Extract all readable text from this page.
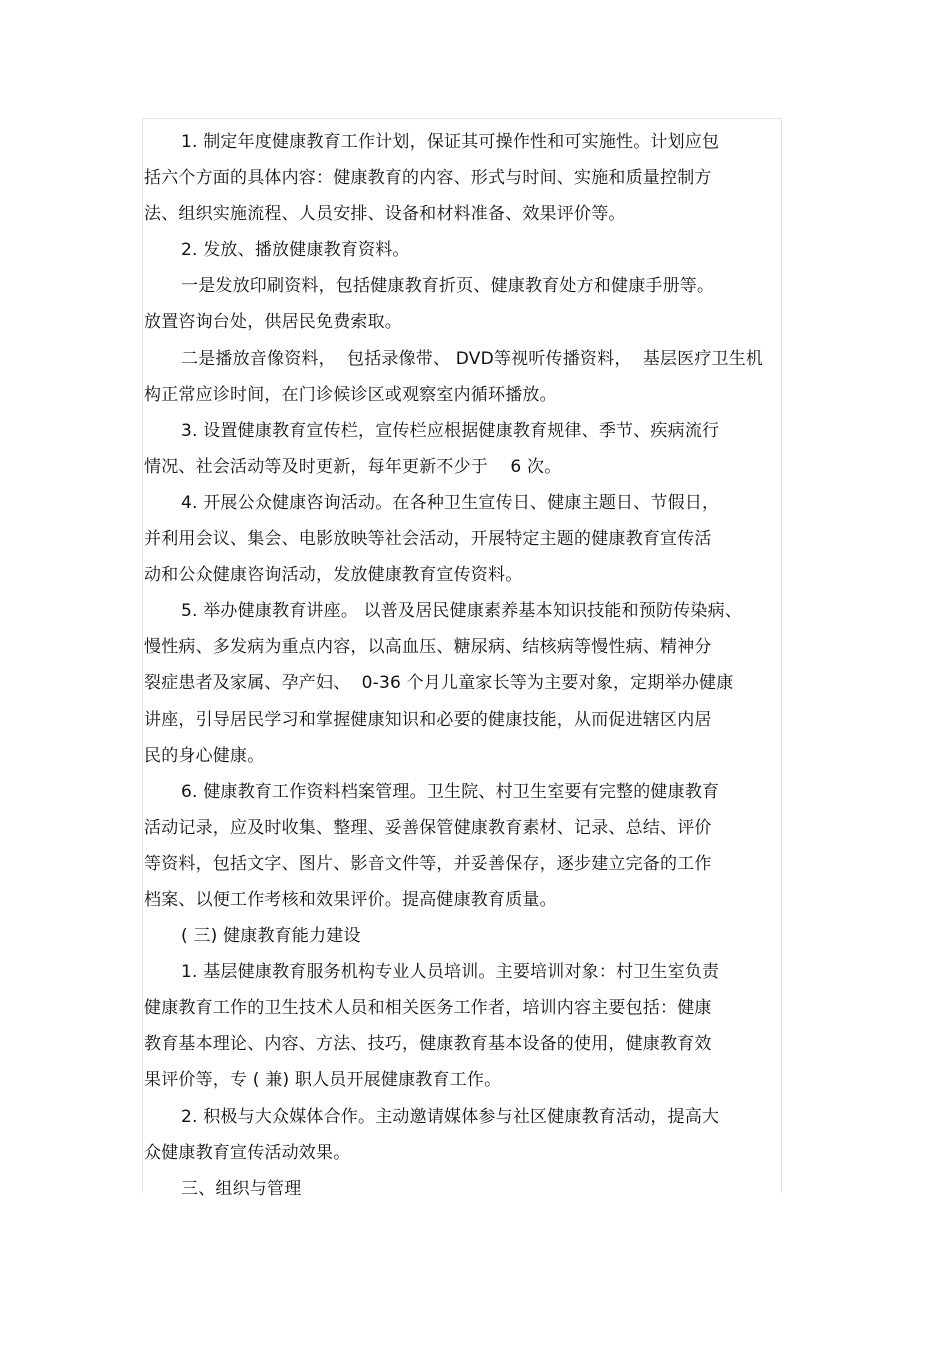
1. 制定年度健康教育工作计划，保证其可操作性和可实施性。计划应包
括六个方面的具体内容：健康教育的内容、形式与时间、实施和质量控制方
法、组织实施流程、人员安排、设备和材料准备、效果评价等。
2. 发放、播放健康教育资料。
一是发放印刷资料，包括健康教育折页、健康教育处方和健康手册等。
放置咨询台处，供居民免费索取。
二是播放音像资料，  包括录像带、 DVD等视听传播资料，  基层医疗卫生机
构正常应诊时间，在门诊候诊区或观察室内循环播放。
3. 设置健康教育宣传栏，宣传栏应根据健康教育规律、季节、疾病流行
情况、社会活动等及时更新，每年更新不少于    6 次。
4. 开展公众健康咨询活动。在各种卫生宣传日、健康主题日、节假日，
并利用会议、集会、电影放映等社会活动，开展特定主题的健康教育宣传活
动和公众健康咨询活动，发放健康教育宣传资料。
5. 举办健康教育讲座。 以普及居民健康素养基本知识技能和预防传染病、
慢性病、多发病为重点内容，以高血压、糖尿病、结核病等慢性病、精神分
裂症患者及家属、孕产妇、  0-36 个月儿童家长等为主要对象，定期举办健康
讲座，引导居民学习和掌握健康知识和必要的健康技能，从而促进辖区内居
民的身心健康。
6. 健康教育工作资料档案管理。卫生院、村卫生室要有完整的健康教育
活动记录，应及时收集、整理、妥善保管健康教育素材、记录、总结、评价
等资料，包括文字、图片、影音文件等，并妥善保存，逐步建立完备的工作
档案、以便工作考核和效果评价。提高健康教育质量。
( 三) 健康教育能力建设
1. 基层健康教育服务机构专业人员培训。主要培训对象：村卫生室负责
健康教育工作的卫生技术人员和相关医务工作者，培训内容主要包括：健康
教育基本理论、内容、方法、技巧，健康教育基本设备的使用，健康教育效
果评价等，专 ( 兼) 职人员开展健康教育工作。
2. 积极与大众媒体合作。主动邀请媒体参与社区健康教育活动，提高大
众健康教育宣传活动效果。
三、组织与管理
